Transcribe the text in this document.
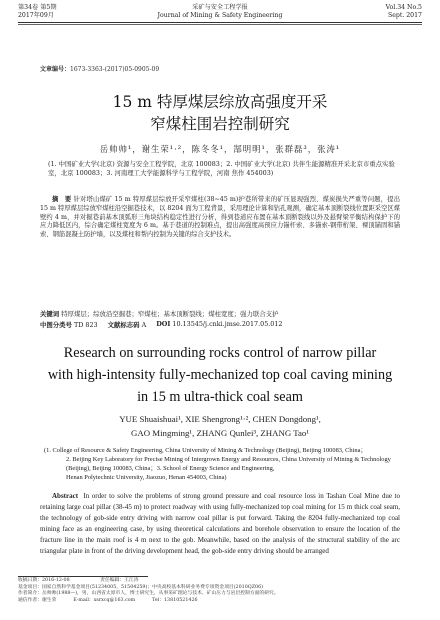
第34卷 第5期
2017年09月
采矿与安全工程学报
Journal of Mining & Safety Engineering
Vol.34 No.5
Sept. 2017
文章编号：1673-3363-(2017)05-0905-09
15 m 特厚煤层综放高强度开采
窄煤柱围岩控制研究
岳帅帅¹，谢生荣¹·²，陈冬冬¹，郜明明¹，张群磊³，张涛¹
(1. 中国矿业大学(北京) 资源与安全工程学院，北京 100083；2. 中国矿业大学(北京) 共伴生能源精准开采北京市重点实验室，北京 100083；3. 河南理工大学能源科学与工程学院，河南 焦作 454003)
摘　要 针对塔山煤矿 15 m 特厚煤层综放开采窄煤柱(38~45 m)护巷所带来的矿压显现强烈、煤炭损失严重等问题，提出 15 m 特厚煤层综放窄煤柱沿空掘巷技术，以 8204 面为工程背景，采用理论计算和钻孔观测，确定基本顶断裂线位置距采空区煤壁约 4 m，并对掘巷前基本顶弧形三角块结构稳定性进行分析，得到巷道应布置在基本顶断裂线以外及悬臂梁平衡结构保护下的应力降低区内，综合确定煤柱宽度为 6 m。基于巷道的控制难点，提出高强度高预应力锚杆索、多锚索-钢带桁架、裸顶锚固和锚索、钢筋混凝土防护墙，以及煤柱和帮内控制为关键的综合支护技术。
关键词 特厚煤层；综放沿空掘巷；窄煤柱；基本顶断裂线；煤柱宽度；强力联合支护
中图分类号 TD 823 文献标志码 A DOI 10.13545/j.cnki.jmse.2017.05.012
Research on surrounding rocks control of narrow pillar
with high-intensity fully-mechanized top coal caving mining
in 15 m ultra-thick coal seam
YUE Shuaishuai¹, XIE Shengrong¹·², CHEN Dongdong¹,
GAO Mingming¹, ZHANG Qunlei³, ZHANG Tao¹
(1. College of Resource & Safety Engineering, China University of Mining & Technology (Beijing), Beijing 100083, China；
2. Beijing Key Laboratory for Precise Mining of Intergrown Energy and Resources, China University of Mining & Technology
(Beijing), Beijing 100083, China；3. School of Energy Science and Engineering,
Henan Polytechnic University, Jiaozuo, Henan 454003, China)
Abstract In order to solve the problems of strong ground pressure and coal resource loss in Tashan Coal Mine due to retaining large coal pillar (38-45 m) to protect roadway with using fully-mechanized top coal mining for 15 m thick coal seam, the technology of gob-side entry driving with narrow coal pillar is put forward. Taking the 8204 fully-mechanized top coal mining face as an engineering case, by using theoretical calculations and borehole observation to ensure the location of the fracture line in the main roof is 4 m next to the gob. Meanwhile, based on the analysis of the structural stability of the arc triangular plate in front of the driving development head, the gob-side entry driving should be arranged
收稿日期：2016-12-08	责任编辑：王江涛
基金项目：国家自然科学基金项目(51234005，51504259)；中央高校基本科研业务费专项资金项目(2010QZ06)
作者简介：岳帅帅(1988—)，男，山西省太原市人，博士研究生，从事采矿理论与技术、矿山压力与岩层控制方面的研究。
通信作者：谢生荣	E-mail：xsrxcq@163.com	Tel：13810521426
